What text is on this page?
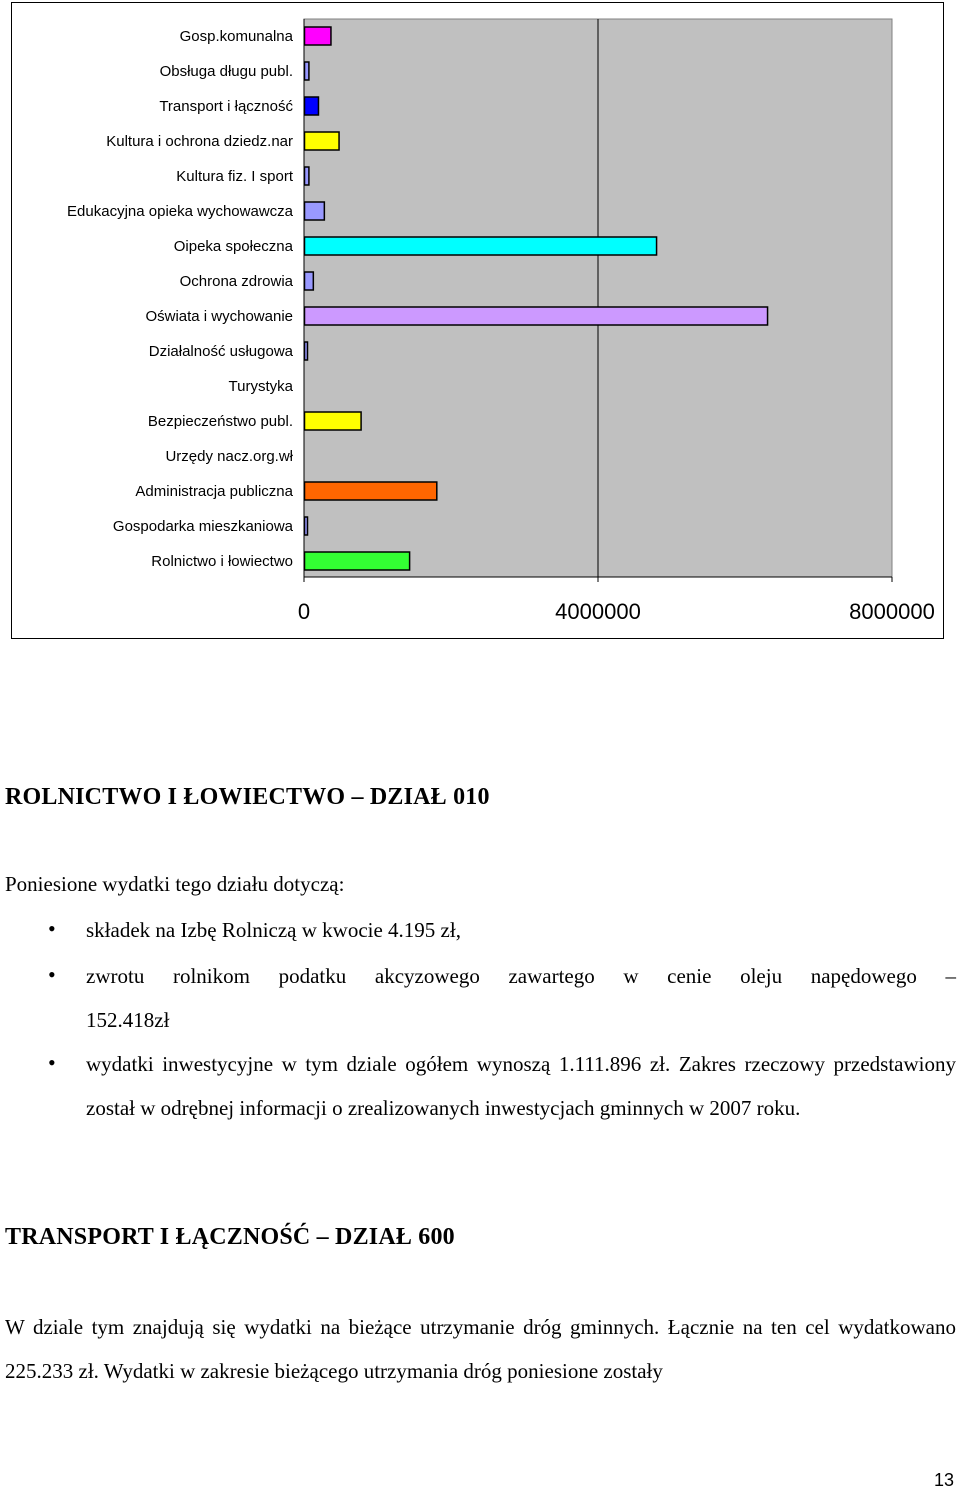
0	4000000	8000000
Gosp.komunalna
Obsługa długu publ.
Transport i łączność
Kultura i ochrona dziedz.nar
Kultura fiz. I sport
Edukacyjna opieka wychowawcza
Oipeka społeczna
Ochrona zdrowia
Oświata i wychowanie
Działalność usługowa
Turystyka
Bezpieczeństwo publ.
Urzędy nacz.org.wł
Administracja publiczna
Gospodarka mieszkaniowa
Rolnictwo i łowiectwo
ROLNICTWO I ŁOWIECTWO – DZIAŁ 010

Poniesione wydatki tego działu dotyczą:

• składek na Izbę Rolniczą w kwocie 4.195 zł,
• zwrotu rolnikom podatku akcyzowego zawartego w cenie oleju napędowego –
152.418zł
• wydatki inwestycyjne w tym dziale ogółem wynoszą 1.111.896 zł. Zakres rzeczowy przedstawiony został w odrębnej informacji o zrealizowanych inwestycjach gminnych w 2007 roku.
TRANSPORT I ŁĄCZNOŚĆ – DZIAŁ 600
W dziale tym znajdują się wydatki na bieżące utrzymanie dróg gminnych. Łącznie na ten cel wydatkowano 225.233 zł. Wydatki w zakresie bieżącego utrzymania dróg poniesione zostały
13
